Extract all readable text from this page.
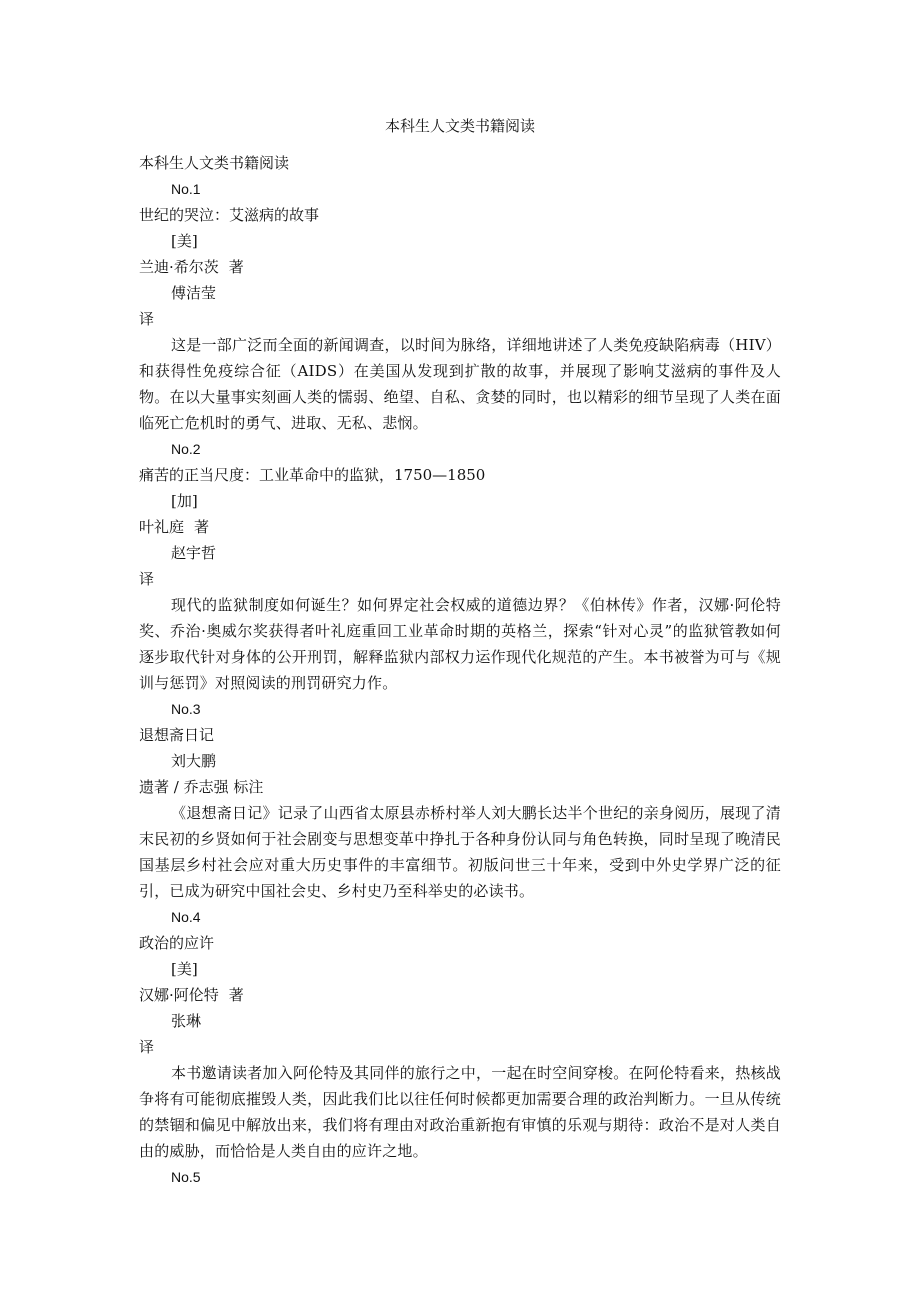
本科生人文类书籍阅读
本科生人文类书籍阅读
No.1
世纪的哭泣：艾滋病的故事
[美]
兰迪·希尔茨 著
傅洁莹
译

这是一部广泛而全面的新闻调查，以时间为脉络，详细地讲述了人类免疫缺陷病毒（HIV）和获得性免疫综合征（AIDS）在美国从发现到扩散的故事，并展现了影响艾滋病的事件及人物。在以大量事实刻画人类的懦弱、绝望、自私、贪婪的同时，也以精彩的细节呈现了人类在面临死亡危机时的勇气、进取、无私、悲悯。

No.2
痛苦的正当尺度：工业革命中的监狱，1750—1850
[加]
叶礼庭 著
赵宇哲
译

现代的监狱制度如何诞生？如何界定社会权威的道德边界？《伯林传》作者，汉娜·阿伦特奖、乔治·奥威尔奖获得者叶礼庭重回工业革命时期的英格兰，探索“针对心灵”的监狱管教如何逐步取代针对身体的公开刑罚，解释监狱内部权力运作现代化规范的产生。本书被誉为可与《规训与惩罚》对照阅读的刑罚研究力作。

No.3
退想斋日记
刘大鹏
遗著 / 乔志强 标注

《退想斋日记》记录了山西省太原县赤桥村举人刘大鹏长达半个世纪的亲身阅历，展现了清末民初的乡贤如何于社会剧变与思想变革中挣扎于各种身份认同与角色转换，同时呈现了晚清民国基层乡村社会应对重大历史事件的丰富细节。初版问世三十年来，受到中外史学界广泛的征引，已成为研究中国社会史、乡村史乃至科举史的必读书。

No.4
政治的应许
[美]
汉娜·阿伦特 著
张琳
译

本书邀请读者加入阿伦特及其同伴的旅行之中，一起在时空间穿梭。在阿伦特看来，热核战争将有可能彻底摧毁人类，因此我们比以往任何时候都更加需要合理的政治判断力。一旦从传统的禁锢和偏见中解放出来，我们将有理由对政治重新抱有审慎的乐观与期待：政治不是对人类自由的威胁，而恰恰是人类自由的应许之地。

No.5
